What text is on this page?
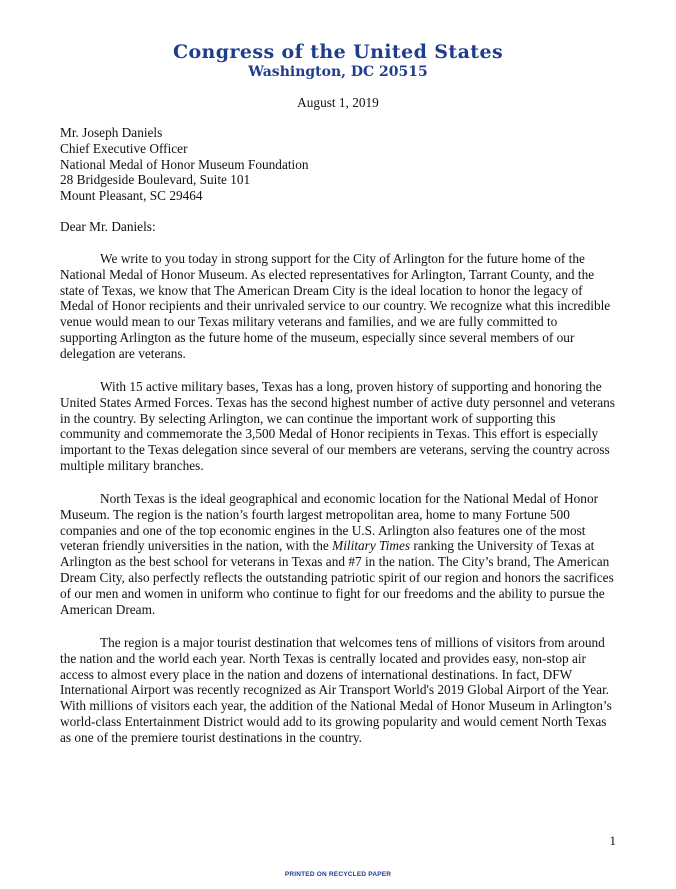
Congress of the United States
Washington, DC 20515
August 1, 2019
Mr. Joseph Daniels
Chief Executive Officer
National Medal of Honor Museum Foundation
28 Bridgeside Boulevard, Suite 101
Mount Pleasant, SC 29464
Dear Mr. Daniels:

We write to you today in strong support for the City of Arlington for the future home of the National Medal of Honor Museum. As elected representatives for Arlington, Tarrant County, and the state of Texas, we know that The American Dream City is the ideal location to honor the legacy of Medal of Honor recipients and their unrivaled service to our country. We recognize what this incredible venue would mean to our Texas military veterans and families, and we are fully committed to supporting Arlington as the future home of the museum, especially since several members of our delegation are veterans.

With 15 active military bases, Texas has a long, proven history of supporting and honoring the United States Armed Forces. Texas has the second highest number of active duty personnel and veterans in the country. By selecting Arlington, we can continue the important work of supporting this community and commemorate the 3,500 Medal of Honor recipients in Texas. This effort is especially important to the Texas delegation since several of our members are veterans, serving the country across multiple military branches.

North Texas is the ideal geographical and economic location for the National Medal of Honor Museum. The region is the nation’s fourth largest metropolitan area, home to many Fortune 500 companies and one of the top economic engines in the U.S. Arlington also features one of the most veteran friendly universities in the nation, with the Military Times ranking the University of Texas at Arlington as the best school for veterans in Texas and #7 in the nation. The City’s brand, The American Dream City, also perfectly reflects the outstanding patriotic spirit of our region and honors the sacrifices of our men and women in uniform who continue to fight for our freedoms and the ability to pursue the American Dream.

The region is a major tourist destination that welcomes tens of millions of visitors from around the nation and the world each year. North Texas is centrally located and provides easy, non-stop air access to almost every place in the nation and dozens of international destinations. In fact, DFW International Airport was recently recognized as Air Transport World's 2019 Global Airport of the Year. With millions of visitors each year, the addition of the National Medal of Honor Museum in Arlington’s world-class Entertainment District would add to its growing popularity and would cement North Texas as one of the premiere tourist destinations in the country.

1
PRINTED ON RECYCLED PAPER
